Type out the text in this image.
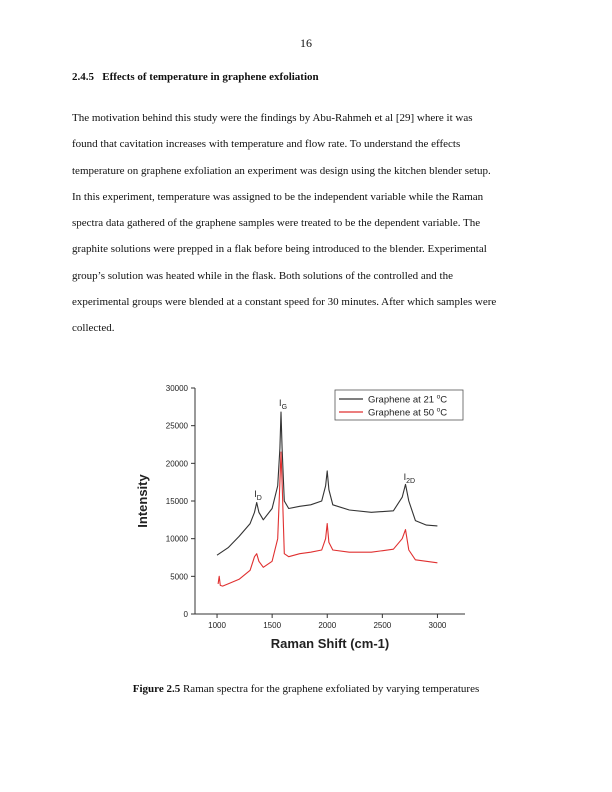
16
2.4.5 Effects of temperature in graphene exfoliation
The motivation behind this study were the findings by Abu-Rahmeh et al [29] where it was
found that cavitation increases with temperature and flow rate. To understand the effects
temperature on graphene exfoliation an experiment was design using the kitchen blender setup.
In this experiment, temperature was assigned to be the independent variable while the Raman
spectra data gathered of the graphene samples were treated to be the dependent variable. The
graphite solutions were prepped in a flak before being introduced to the blender. Experimental
group’s solution was heated while in the flask. Both solutions of the controlled and the
experimental groups were blended at a constant speed for 30 minutes. After which samples were
collected.
0
5000
10000
15000
20000
25000
30000
1000	1500	2000	2500	3000
Raman Shift (cm-1)
Intensity	$I_D$
$I_G$
$I_{2D}$
Graphene at 21 $^o$C
Graphene at 50 $^o$C
Figure 2.5 Raman spectra for the graphene exfoliated by varying temperatures
